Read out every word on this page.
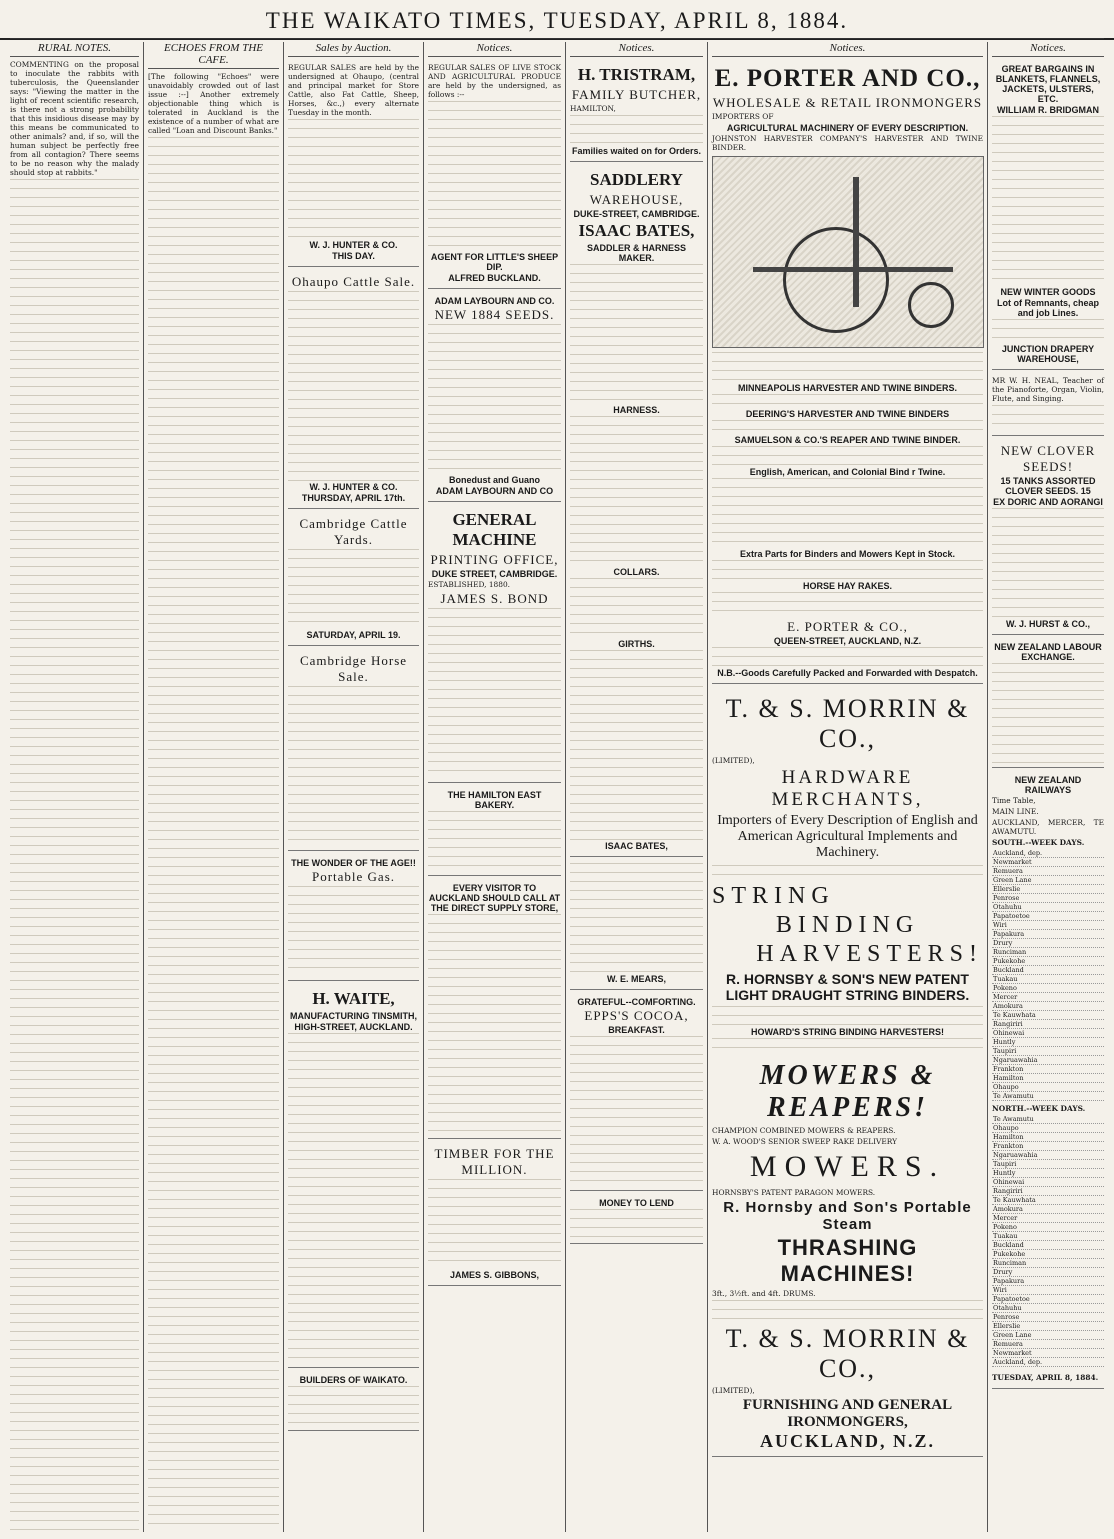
THE WAIKATO TIMES, TUESDAY, APRIL 8, 1884.
RURAL NOTES.

COMMENTING on the proposal to inoculate the rabbits with tuberculosis, the Queenslander says: "Viewing the matter in the light of recent scientific research, is there not a strong probability that this insidious disease may by this means be communicated to other animals? and, if so, will the human subject be perfectly free from all contagion? There seems to be no reason why the malady should stop at rabbits."

ECHOES FROM THE CAFE.

[The following "Echoes" were unavoidably crowded out of last issue :--] Another extremely objectionable thing which is tolerated in Auckland is the existence of a number of what are called "Loan and Discount Banks."

Sales by Auction.

REGULAR SALES are held by the undersigned at Ohaupo, (central and principal market for Store Cattle, also Fat Cattle, Sheep, Horses, &c.,) every alternate Tuesday in the month.

W. J. HUNTER & CO.
THIS DAY.
Ohaupo Cattle Sale.
W. J. HUNTER & CO.
THURSDAY, APRIL 17th.
Cambridge Cattle Yards.
SATURDAY, APRIL 19.
Cambridge Horse Sale.
THE WONDER OF THE AGE!!
Portable Gas.
H. WAITE,
MANUFACTURING TINSMITH,
HIGH-STREET, AUCKLAND.
BUILDERS OF WAIKATO.
Notices.

REGULAR SALES OF LIVE STOCK AND AGRICULTURAL PRODUCE are held by the undersigned, as follows :--

AGENT FOR LITTLE'S SHEEP DIP.
ALFRED BUCKLAND.
ADAM LAYBOURN AND CO.
NEW 1884 SEEDS.
Bonedust and Guano
ADAM LAYBOURN AND CO
GENERAL MACHINE
PRINTING OFFICE,
DUKE STREET, CAMBRIDGE.

ESTABLISHED, 1880.

JAMES S. BOND
THE HAMILTON EAST BAKERY.
EVERY VISITOR TO AUCKLAND SHOULD CALL AT THE DIRECT SUPPLY STORE,
TIMBER FOR THE MILLION.
JAMES S. GIBBONS,
Notices.
H. TRISTRAM,
FAMILY BUTCHER,

HAMILTON,

Families waited on for Orders.
SADDLERY
WAREHOUSE,
DUKE-STREET, CAMBRIDGE.
ISAAC BATES,
SADDLER & HARNESS MAKER.
HARNESS.
COLLARS.
GIRTHS.
ISAAC BATES,
W. E. MEARS,
GRATEFUL--COMFORTING.
EPPS'S COCOA,
BREAKFAST.
MONEY TO LEND
Notices.
E. PORTER AND CO.,
WHOLESALE & RETAIL IRONMONGERS

IMPORTERS OF

AGRICULTURAL MACHINERY OF EVERY DESCRIPTION.

JOHNSTON HARVESTER COMPANY'S HARVESTER AND TWINE BINDER.

MINNEAPOLIS HARVESTER AND TWINE BINDERS.
DEERING'S HARVESTER AND TWINE BINDERS
SAMUELSON & CO.'S REAPER AND TWINE BINDER.
English, American, and Colonial Bind r Twine.
Extra Parts for Binders and Mowers Kept in Stock.
HORSE HAY RAKES.
E. PORTER & CO.,
QUEEN-STREET, AUCKLAND, N.Z.
N.B.--Goods Carefully Packed and Forwarded with Despatch.
T. & S. MORRIN & CO.,

(LIMITED),

HARDWARE MERCHANTS,
Importers of Every Description of English and American Agricultural Implements and Machinery.
STRING
BINDING
HARVESTERS!
R. HORNSBY & SON'S NEW PATENT LIGHT DRAUGHT STRING BINDERS.
HOWARD'S STRING BINDING HARVESTERS!
MOWERS & REAPERS!

CHAMPION COMBINED MOWERS & REAPERS.

W. A. WOOD'S SENIOR SWEEP RAKE DELIVERY

MOWERS.

HORNSBY'S PATENT PARAGON MOWERS.

R. Hornsby and Son's Portable Steam
THRASHING MACHINES!

3ft., 3½ft. and 4ft. DRUMS.

T. & S. MORRIN & CO.,

(LIMITED),

FURNISHING AND GENERAL IRONMONGERS,
AUCKLAND, N.Z.
Notices.
GREAT BARGAINS IN BLANKETS, FLANNELS, JACKETS, ULSTERS, ETC.
WILLIAM R. BRIDGMAN
NEW WINTER GOODS
Lot of Remnants, cheap and job Lines.
JUNCTION DRAPERY WAREHOUSE,

MR W. H. NEAL, Teacher of the Pianoforte, Organ, Violin, Flute, and Singing.

NEW CLOVER SEEDS!
15 TANKS ASSORTED CLOVER SEEDS. 15
EX DORIC AND AORANGI
W. J. HURST & CO.,
NEW ZEALAND LABOUR EXCHANGE.
NEW ZEALAND RAILWAYS

Time Table,

MAIN LINE.

AUCKLAND, MERCER, TE AWAMUTU.

SOUTH.--WEEK DAYS.

Auckland, dep.
Newmarket
Remuera
Green Lane
Ellerslie
Penrose
Otahuhu
Papatoetoe
Wiri
Papakura
Drury
Runciman
Pukekohe
Buckland
Tuakau
Pokeno
Mercer
Amokura
Te Kauwhata
Rangiriri
Ohinewai
Huntly
Taupiri
Ngaruawahia
Frankton
Hamilton
Ohaupo
Te Awamutu

NORTH.--WEEK DAYS.

Te Awamutu
Ohaupo
Hamilton
Frankton
Ngaruawahia
Taupiri
Huntly
Ohinewai
Rangiriri
Te Kauwhata
Amokura
Mercer
Pokeno
Tuakau
Buckland
Pukekohe
Runciman
Drury
Papakura
Wiri
Papatoetoe
Otahuhu
Penrose
Ellerslie
Green Lane
Remuera
Newmarket
Auckland, dep.

TUESDAY, APRIL 8, 1884.
